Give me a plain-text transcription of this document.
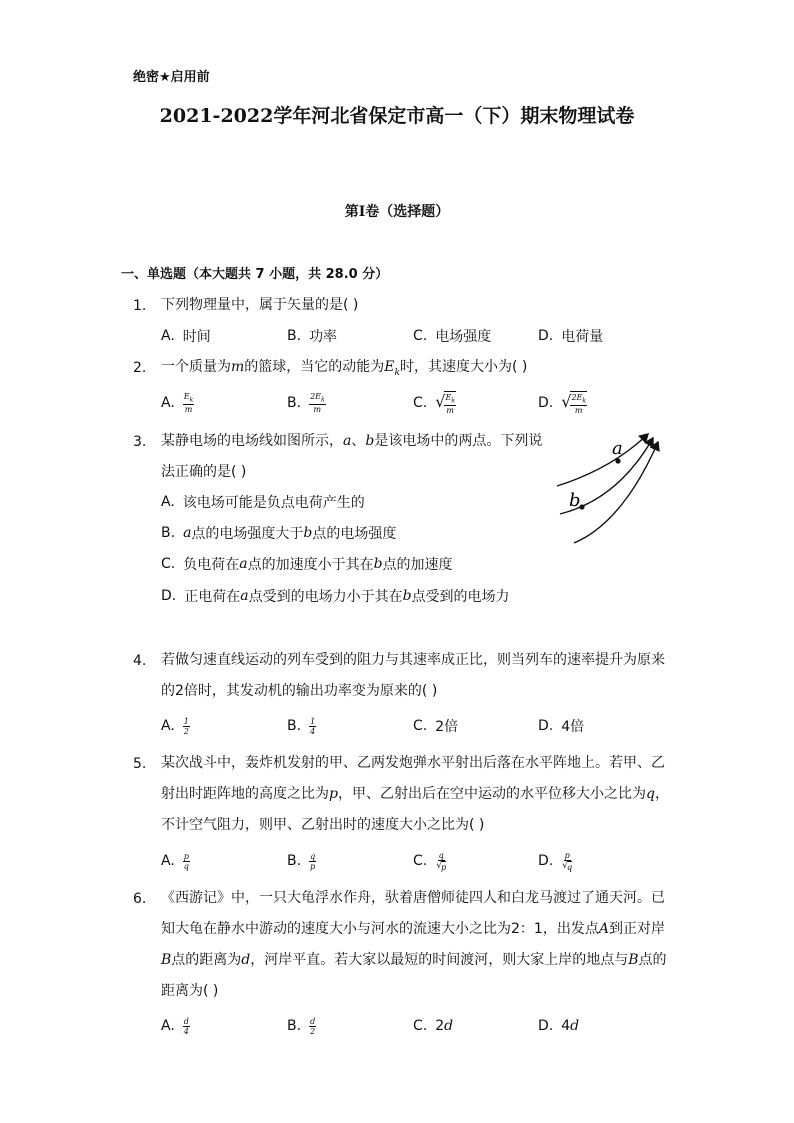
绝密★启用前
2021-2022学年河北省保定市高一（下）期末物理试卷
第I卷（选择题）
一、单选题（本大题共 7 小题，共 28.0 分）
1. 下列物理量中，属于矢量的是( )
A. 时间	B. 功率	C. 电场强度	D. 电荷量
2. 一个质量为m的篮球，当它的动能为$E_k$时，其速度大小为( )
A. $\frac{E_k}{m}$	B. $\frac{2E_k}{m}$	C. √ $\frac{E_k}{m}$	D. √ $\frac{2E_k}{m}$
3. 某静电场的电场线如图所示，a、b是该电场中的两点。下列说
法正确的是( )
A. 该电场可能是负点电荷产生的
B. a 点的电场强度大于 b 点的电场强度
C. 负电荷在 a 点的加速度小于其在 b 点的加速度
D. 正电荷在 a 点受到的电场力小于其在 b 点受到的电场力
a
b
4. 若做匀速直线运动的列车受到的阻力与其速率成正比，则当列车的速率提升为原来
的2倍时，其发动机的输出功率变为原来的( )
A. $\frac{1}{2}$	B. $\frac{1}{4}$	C. 2倍	D. 4倍
5. 某次战斗中，轰炸机发射的甲、乙两发炮弹水平射出后落在水平阵地上。若甲、乙
射出时距阵地的高度之比为p，甲、乙射出后在空中运动的水平位移大小之比为q，
不计空气阻力，则甲、乙射出时的速度大小之比为( )
A. $\frac{p}{q}$	B. $\frac{q}{p}$	C. $\frac{q}{√ p}$	D. $\frac{p}{√ q}$
6. 《西游记》中，一只大龟浮水作舟，驮着唐僧师徒四人和白龙马渡过了通天河。已
知大龟在静水中游动的速度大小与河水的流速大小之比为2：1，出发点A到正对岸
B点的距离为d，河岸平直。若大家以最短的时间渡河，则大家上岸的地点与B点的
距离为( )
A. $\frac{d}{4}$	B. $\frac{d}{2}$	C. 2 d	D. 4 d
